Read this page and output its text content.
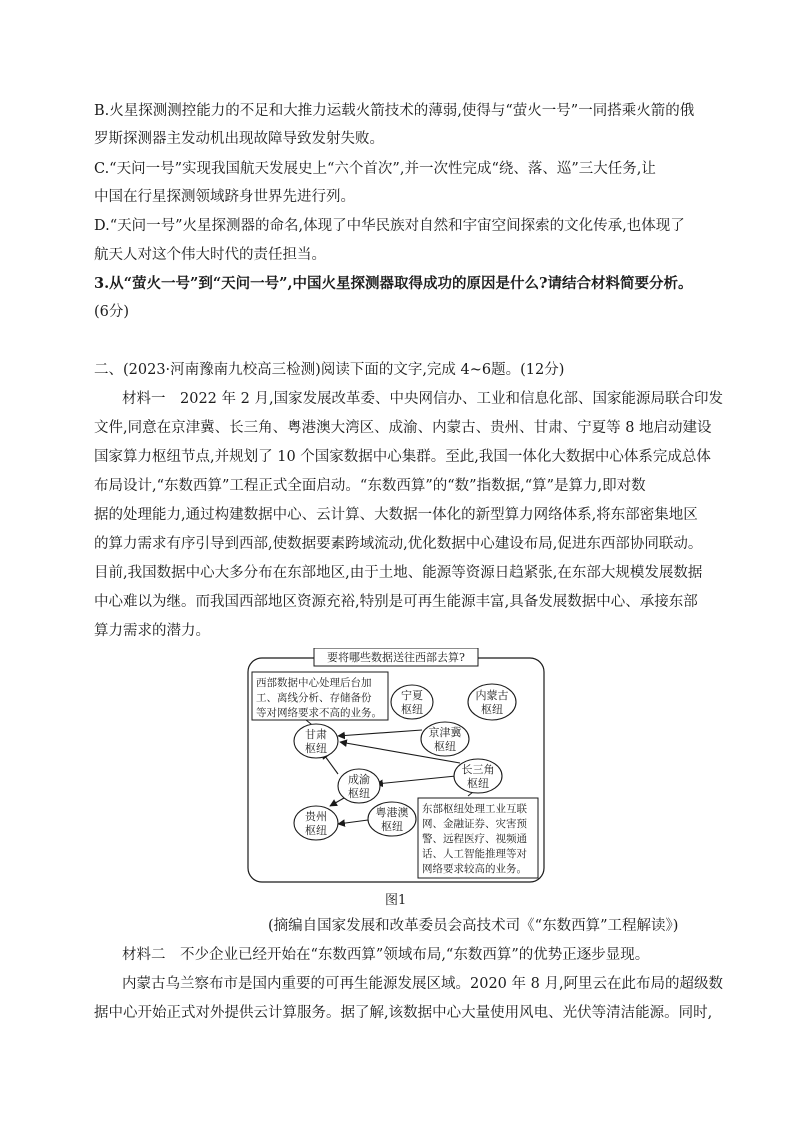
B.火星探测测控能力的不足和大推力运载火箭技术的薄弱,使得与“萤火一号”一同搭乘火箭的俄
罗斯探测器主发动机出现故障导致发射失败。
C.“天问一号”实现我国航天发展史上“六个首次”,并一次性完成“绕、落、巡”三大任务,让
中国在行星探测领域跻身世界先进行列。
D.“天问一号”火星探测器的命名,体现了中华民族对自然和宇宙空间探索的文化传承,也体现了
航天人对这个伟大时代的责任担当。
3.从“萤火一号”到“天问一号”,中国火星探测器取得成功的原因是什么?请结合材料简要分析。
(6分)
二、(2023·河南豫南九校高三检测)阅读下面的文字,完成 4~6题。(12分)
材料一　2022 年 2 月,国家发展改革委、中央网信办、工业和信息化部、国家能源局联合印发
文件,同意在京津冀、长三角、粤港澳大湾区、成渝、内蒙古、贵州、甘肃、宁夏等 8 地启动建设
国家算力枢纽节点,并规划了 10 个国家数据中心集群。至此,我国一体化大数据中心体系完成总体
布局设计,“东数西算”工程正式全面启动。“东数西算”的“数”指数据,“算”是算力,即对数
据的处理能力,通过构建数据中心、云计算、大数据一体化的新型算力网络体系,将东部密集地区
的算力需求有序引导到西部,使数据要素跨域流动,优化数据中心建设布局,促进东西部协同联动。
目前,我国数据中心大多分布在东部地区,由于土地、能源等资源日趋紧张,在东部大规模发展数据
中心难以为继。而我国西部地区资源充裕,特别是可再生能源丰富,具备发展数据中心、承接东部
算力需求的潜力。
要将哪些数据送往西部去算?
西部数据中心处理后台加
工、离线分析、存储备份
等对网络要求不高的业务。
东部枢纽处理工业互联
网、金融证券、灾害预
警、远程医疗、视频通
话、人工智能推理等对
网络要求较高的业务。
宁夏
枢纽
内蒙古
枢纽
京津冀
枢纽
甘肃
枢纽
长三角
枢纽
成渝
枢纽
贵州
枢纽
粤港澳
枢纽
图1
(摘编自国家发展和改革委员会高技术司《“东数西算”工程解读》)
材料二　不少企业已经开始在“东数西算”领域布局,“东数西算”的优势正逐步显现。
内蒙古乌兰察布市是国内重要的可再生能源发展区域。2020 年 8 月,阿里云在此布局的超级数
据中心开始正式对外提供云计算服务。据了解,该数据中心大量使用风电、光伏等清洁能源。同时,
